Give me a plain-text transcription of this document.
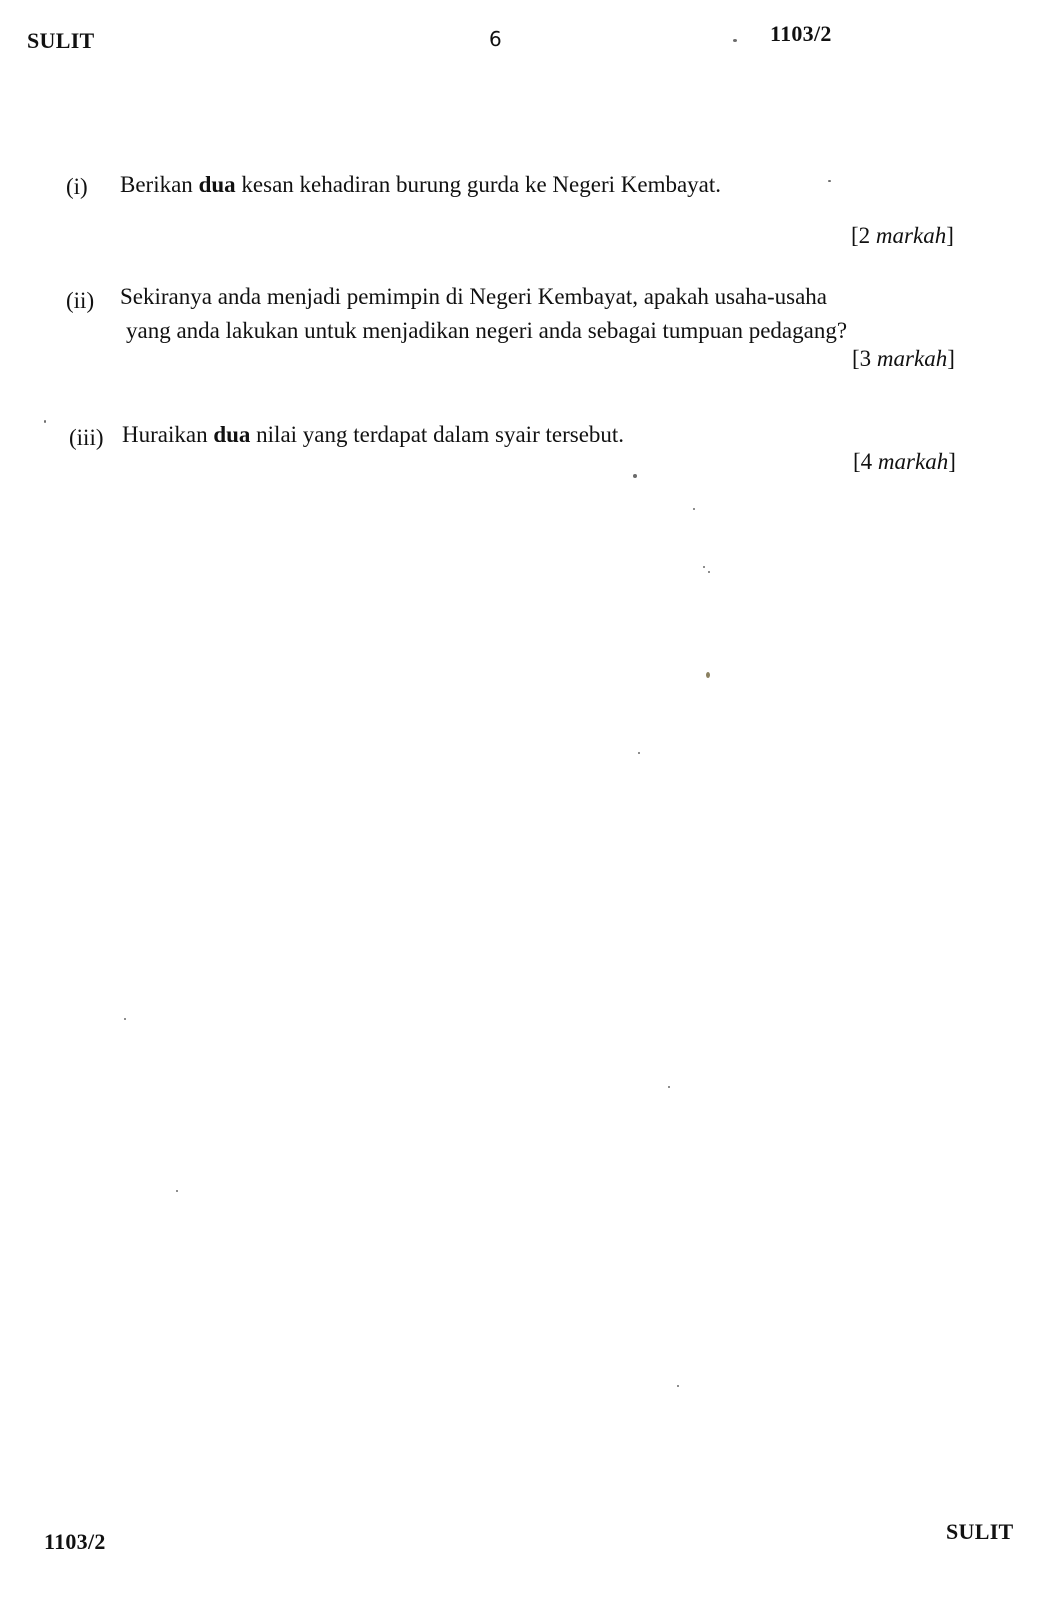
SULIT	6	1103/2
(i) Berikan dua kesan kehadiran burung gurda ke Negeri Kembayat.
[2 markah]
(ii) Sekiranya anda menjadi pemimpin di Negeri Kembayat, apakah usaha-usaha
yang anda lakukan untuk menjadikan negeri anda sebagai tumpuan pedagang?
[3 markah]
(iii) Huraikan dua nilai yang terdapat dalam syair tersebut.
[4 markah]
1103/2	SULIT
